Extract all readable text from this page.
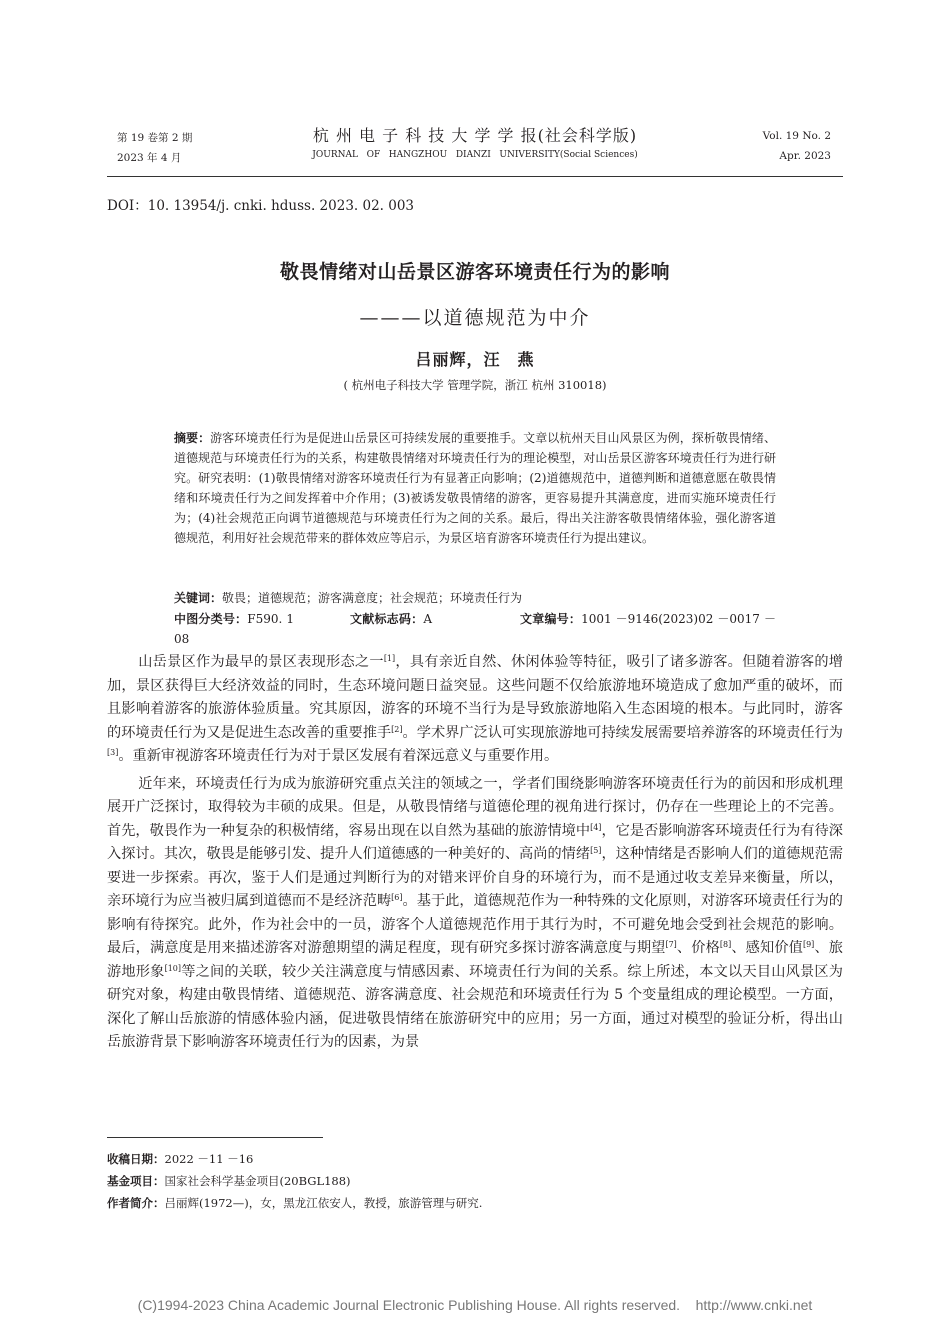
第 19 卷第 2 期
2023 年 4 月
杭 州 电 子 科 技 大 学 学 报(社会科学版)
JOURNAL   OF   HANGZHOU   DIANZI   UNIVERSITY(Social Sciences)
Vol. 19 No. 2
Apr. 2023
DOI：10. 13954/j. cnki. hduss. 2023. 02. 003
敬畏情绪对山岳景区游客环境责任行为的影响
———以道德规范为中介
吕丽辉，汪　燕
( 杭州电子科技大学 管理学院，浙江 杭州 310018)
摘要：游客环境责任行为是促进山岳景区可持续发展的重要推手。文章以杭州天目山风景区为例，探析敬畏情绪、道德规范与环境责任行为的关系，构建敬畏情绪对环境责任行为的理论模型，对山岳景区游客环境责任行为进行研究。研究表明：(1)敬畏情绪对游客环境责任行为有显著正向影响；(2)道德规范中，道德判断和道德意愿在敬畏情绪和环境责任行为之间发挥着中介作用；(3)被诱发敬畏情绪的游客，更容易提升其满意度，进而实施环境责任行为；(4)社会规范正向调节道德规范与环境责任行为之间的关系。最后，得出关注游客敬畏情绪体验，强化游客道德规范，利用好社会规范带来的群体效应等启示，为景区培育游客环境责任行为提出建议。
关键词：敬畏；道德规范；游客满意度；社会规范；环境责任行为
中图分类号：F590. 1	文献标志码：A	文章编号：1001 －9146(2023)02 －0017 －08

山岳景区作为最早的景区表现形态之一[1]，具有亲近自然、休闲体验等特征，吸引了诸多游客。但随着游客的增加，景区获得巨大经济效益的同时，生态环境问题日益突显。这些问题不仅给旅游地环境造成了愈加严重的破坏，而且影响着游客的旅游体验质量。究其原因，游客的环境不当行为是导致旅游地陷入生态困境的根本。与此同时，游客的环境责任行为又是促进生态改善的重要推手[2]。学术界广泛认可实现旅游地可持续发展需要培养游客的环境责任行为[3]。重新审视游客环境责任行为对于景区发展有着深远意义与重要作用。

近年来，环境责任行为成为旅游研究重点关注的领域之一，学者们围绕影响游客环境责任行为的前因和形成机理展开广泛探讨，取得较为丰硕的成果。但是，从敬畏情绪与道德伦理的视角进行探讨，仍存在一些理论上的不完善。首先，敬畏作为一种复杂的积极情绪，容易出现在以自然为基础的旅游情境中[4]，它是否影响游客环境责任行为有待深入探讨。其次，敬畏是能够引发、提升人们道德感的一种美好的、高尚的情绪[5]，这种情绪是否影响人们的道德规范需要进一步探索。再次，鉴于人们是通过判断行为的对错来评价自身的环境行为，而不是通过收支差异来衡量，所以，亲环境行为应当被归属到道德而不是经济范畴[6]。基于此，道德规范作为一种特殊的文化原则，对游客环境责任行为的影响有待探究。此外，作为社会中的一员，游客个人道德规范作用于其行为时，不可避免地会受到社会规范的影响。最后，满意度是用来描述游客对游憩期望的满足程度，现有研究多探讨游客满意度与期望[7]、价格[8]、感知价值[9]、旅游地形象[10]等之间的关联，较少关注满意度与情感因素、环境责任行为间的关系。综上所述，本文以天目山风景区为研究对象，构建由敬畏情绪、道德规范、游客满意度、社会规范和环境责任行为 5 个变量组成的理论模型。一方面，深化了解山岳旅游的情感体验内涵，促进敬畏情绪在旅游研究中的应用；另一方面，通过对模型的验证分析，得出山岳旅游背景下影响游客环境责任行为的因素，为景

收稿日期：2022 －11 －16
基金项目：国家社会科学基金项目(20BGL188)
作者简介：吕丽辉(1972—)，女，黑龙江依安人，教授，旅游管理与研究.
(C)1994-2023 China Academic Journal Electronic Publishing House. All rights reserved.    http://www.cnki.net
